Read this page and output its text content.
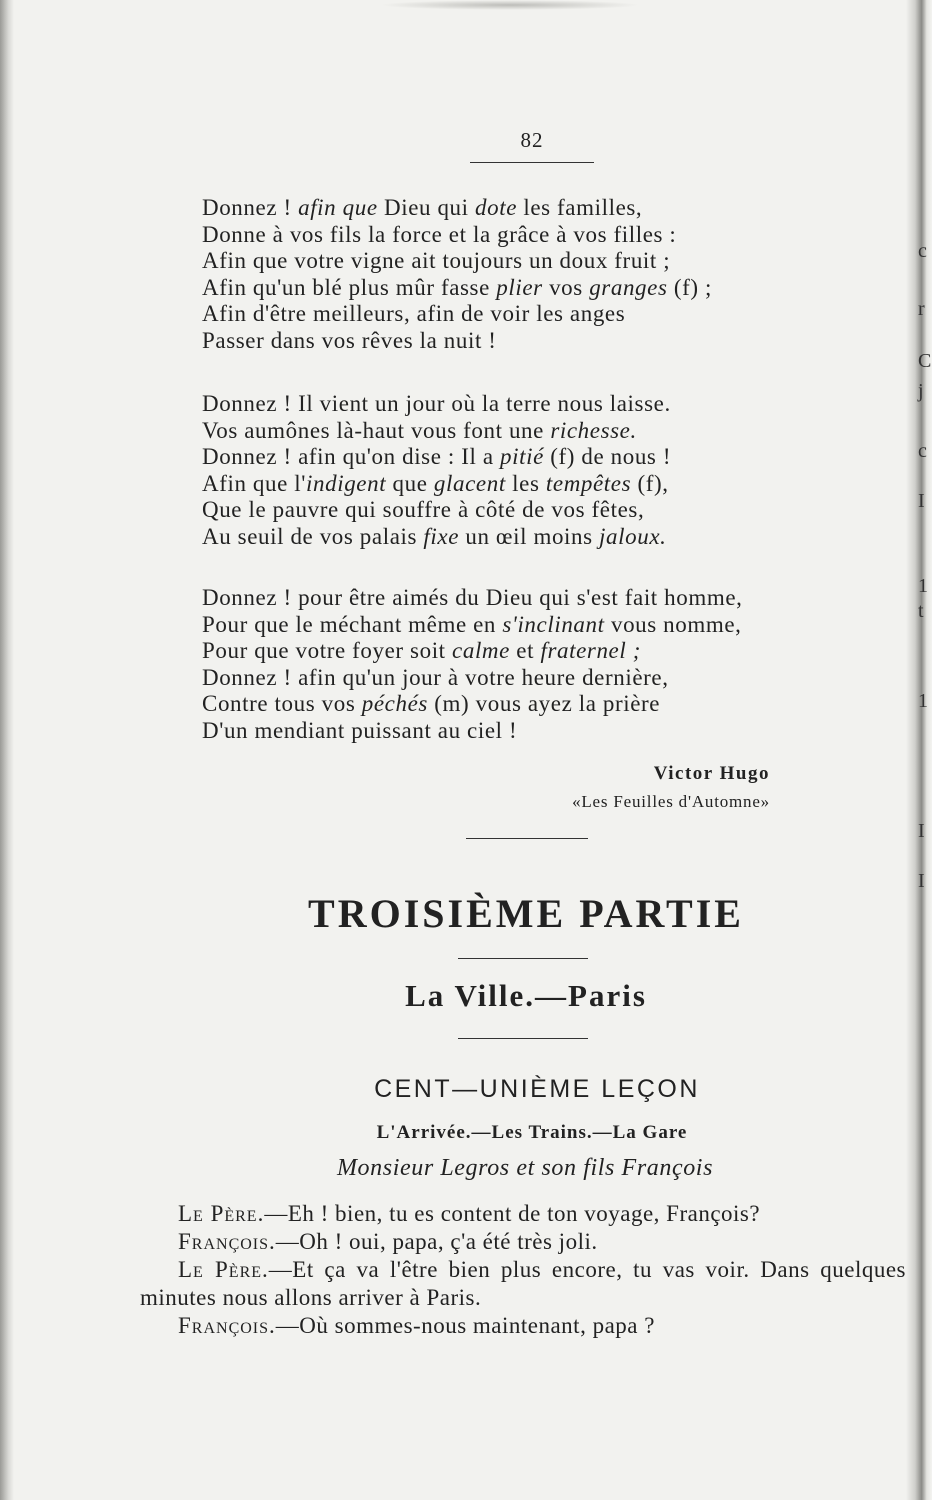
c
r
C
j
c
I
1
t
1
I
I
82
Donnez ! afin que Dieu qui dote les familles,
Donne à vos fils la force et la grâce à vos filles :
Afin que votre vigne ait toujours un doux fruit ;
Afin qu'un blé plus mûr fasse plier vos granges (f) ;
Afin d'être meilleurs, afin de voir les anges
Passer dans vos rêves la nuit !
Donnez ! Il vient un jour où la terre nous laisse.
Vos aumônes là-haut vous font une richesse.
Donnez ! afin qu'on dise : Il a pitié (f) de nous !
Afin que l'indigent que glacent les tempêtes (f),
Que le pauvre qui souffre à côté de vos fêtes,
Au seuil de vos palais fixe un œil moins jaloux.
Donnez ! pour être aimés du Dieu qui s'est fait homme,
Pour que le méchant même en s'inclinant vous nomme,
Pour que votre foyer soit calme et fraternel ;
Donnez ! afin qu'un jour à votre heure dernière,
Contre tous vos péchés (m) vous ayez la prière
D'un mendiant puissant au ciel !
Victor Hugo
«Les Feuilles d'Automne»
TROISIÈME PARTIE
La Ville.—Paris
CENT—UNIÈME LEÇON
L'Arrivée.—Les Trains.—La Gare
Monsieur Legros et son fils François
Le Père.—Eh ! bien, tu es content de ton voyage, François?
François.—Oh ! oui, papa, ç'a été très joli.
Le Père.—Et ça va l'être bien plus encore, tu vas voir. Dans quelques minutes nous allons arriver à Paris.
François.—Où sommes-nous maintenant, papa ?
